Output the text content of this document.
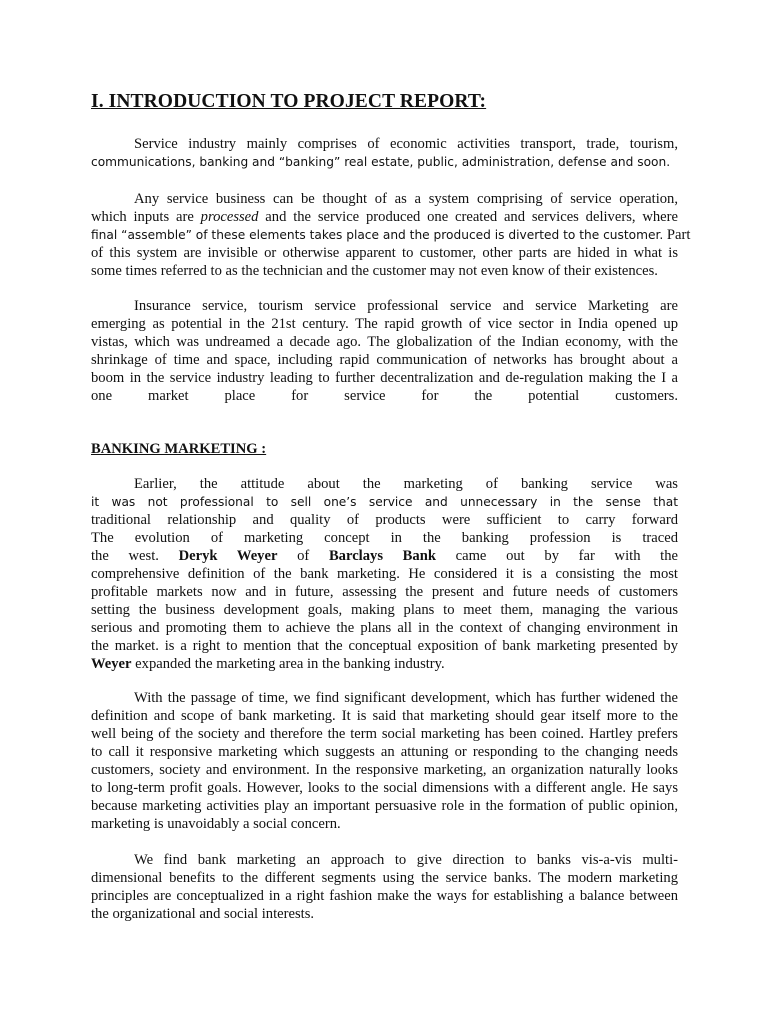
I. INTRODUCTION TO PROJECT REPORT:
Service industry mainly comprises of economic activities transport, trade, tourism,
communications, banking and “banking” real estate, public, administration, defense and soon.
Any service business can be thought of as a system comprising of service operation,
which inputs are processed and the service produced one created and services delivers, where
final “assemble” of these elements takes place and the produced is diverted to the customer. Part
of this system are invisible or otherwise apparent to customer, other parts are hided in what is
some times referred to as the technician and the customer may not even know of their existences.
Insurance service, tourism service professional service and service Marketing are
emerging as potential in the 21st century. The rapid growth of vice sector in India opened up
vistas, which was undreamed a decade ago. The globalization of the Indian economy, with the
shrinkage of time and space, including rapid communication of networks has brought about a
boom in the service industry leading to further decentralization and de-regulation making the I a
one market place for service for the potential customers.
BANKING MARKETING :
Earlier, the attitude about the marketing of banking service was
it was not professional to sell one’s service and unnecessary in the sense that
traditional relationship and quality of products were sufficient to carry forward
The evolution of marketing concept in the banking profession is traced
the west. Deryk Weyer of Barclays Bank came out by far with the
comprehensive definition of the bank marketing. He considered it is a consisting the most
profitable markets now and in future, assessing the present and future needs of customers
setting the business development goals, making plans to meet them, managing the various
serious and promoting them to achieve the plans all in the context of changing environment in
the market. is a right to mention that the conceptual exposition of bank marketing presented by
Weyer expanded the marketing area in the banking industry.
With the passage of time, we find significant development, which has further widened the
definition and scope of bank marketing. It is said that marketing should gear itself more to the
well being of the society and therefore the term social marketing has been coined. Hartley prefers
to call it responsive marketing which suggests an attuning or responding to the changing needs
customers, society and environment. In the responsive marketing, an organization naturally looks
to long-term profit goals. However, looks to the social dimensions with a different angle. He says
because marketing activities play an important persuasive role in the formation of public opinion,
marketing is unavoidably a social concern.
We find bank marketing an approach to give direction to banks vis-a-vis multi-
dimensional benefits to the different segments using the service banks. The modern marketing
principles are conceptualized in a right fashion make the ways for establishing a balance between
the organizational and social interests.
